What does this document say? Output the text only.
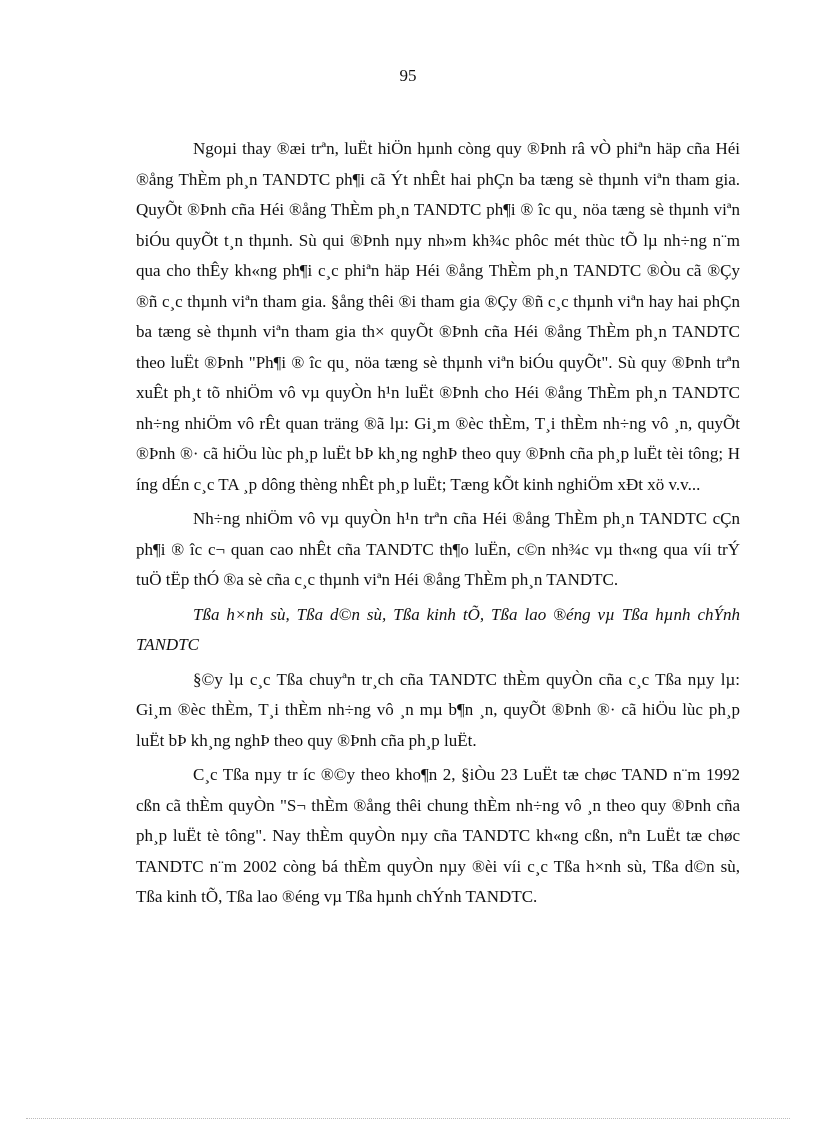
95

Ngoµi thay ®æi trªn, luËt hiÖn hµnh còng quy ®Þnh râ vÒ phiªn häp cña Héi ®ång ThÈm ph¸n TANDTC ph¶i cã Ýt nhÊt hai phÇn ba tæng sè thµnh viªn tham gia. QuyÕt ®Þnh cña Héi ®ång ThÈm ph¸n TANDTC ph¶i ® îc qu¸ nöa tæng sè thµnh viªn biÓu quyÕt t¸n thµnh. Sù qui ®Þnh nµy nh»m kh¾c phôc mét thùc tÕ lµ nh÷ng n¨m qua cho thÊy kh«ng ph¶i c¸c phiªn häp Héi ®ång ThÈm ph¸n TANDTC ®Òu cã ®Çy ®ñ c¸c thµnh viªn tham gia. §ång thêi ®i tham gia ®Çy ®ñ c¸c thµnh viªn hay hai phÇn ba tæng sè thµnh viªn tham gia th× quyÕt ®Þnh cña Héi ®ång ThÈm ph¸n TANDTC theo luËt ®Þnh "Ph¶i ® îc qu¸ nöa tæng sè thµnh viªn biÓu quyÕt". Sù quy ®Þnh trªn xuÊt ph¸t tõ nhiÖm vô vµ quyÒn h¹n luËt ®Þnh cho Héi ®ång ThÈm ph¸n TANDTC nh÷ng nhiÖm vô rÊt quan träng ®ã lµ: Gi¸m ®èc thÈm, T¸i thÈm nh÷ng vô ¸n, quyÕt ®Þnh ®· cã hiÖu lùc ph¸p luËt bÞ kh¸ng nghÞ theo quy ®Þnh cña ph¸p luËt tèi tông; H íng dÉn c¸c TA ¸p dông thèng nhÊt ph¸p luËt; Tæng kÕt kinh nghiÖm xÐt xö v.v...

Nh÷ng nhiÖm vô vµ quyÒn h¹n trªn cña Héi ®ång ThÈm ph¸n TANDTC cÇn ph¶i ® îc c¬ quan cao nhÊt cña TANDTC th¶o luËn, c©n nh¾c vµ th«ng qua víi trÝ tuÖ tËp thÓ ®a sè cña c¸c thµnh viªn Héi ®ång ThÈm ph¸n TANDTC.

Tßa h×nh sù, Tßa d©n sù, Tßa kinh tÕ, Tßa lao ®éng vµ Tßa hµnh chÝnh TANDTC

§©y lµ c¸c Tßa chuyªn tr¸ch cña TANDTC thÈm quyÒn cña c¸c Tßa nµy lµ: Gi¸m ®èc thÈm, T¸i thÈm nh÷ng vô ¸n mµ b¶n ¸n, quyÕt ®Þnh ®· cã hiÖu lùc ph¸p luËt bÞ kh¸ng nghÞ theo quy ®Þnh cña ph¸p luËt.

C¸c Tßa nµy tr íc ®©y theo kho¶n 2, §iÒu 23 LuËt tæ chøc TAND n¨m 1992 cßn cã thÈm quyÒn "S¬ thÈm ®ång thêi chung thÈm nh÷ng vô ¸n theo quy ®Þnh cña ph¸p luËt tè tông". Nay thÈm quyÒn nµy cña TANDTC kh«ng cßn, nªn LuËt tæ chøc TANDTC n¨m 2002 còng bá thÈm quyÒn nµy ®èi víi c¸c Tßa h×nh sù, Tßa d©n sù, Tßa kinh tÕ, Tßa lao ®éng vµ Tßa hµnh chÝnh TANDTC.
